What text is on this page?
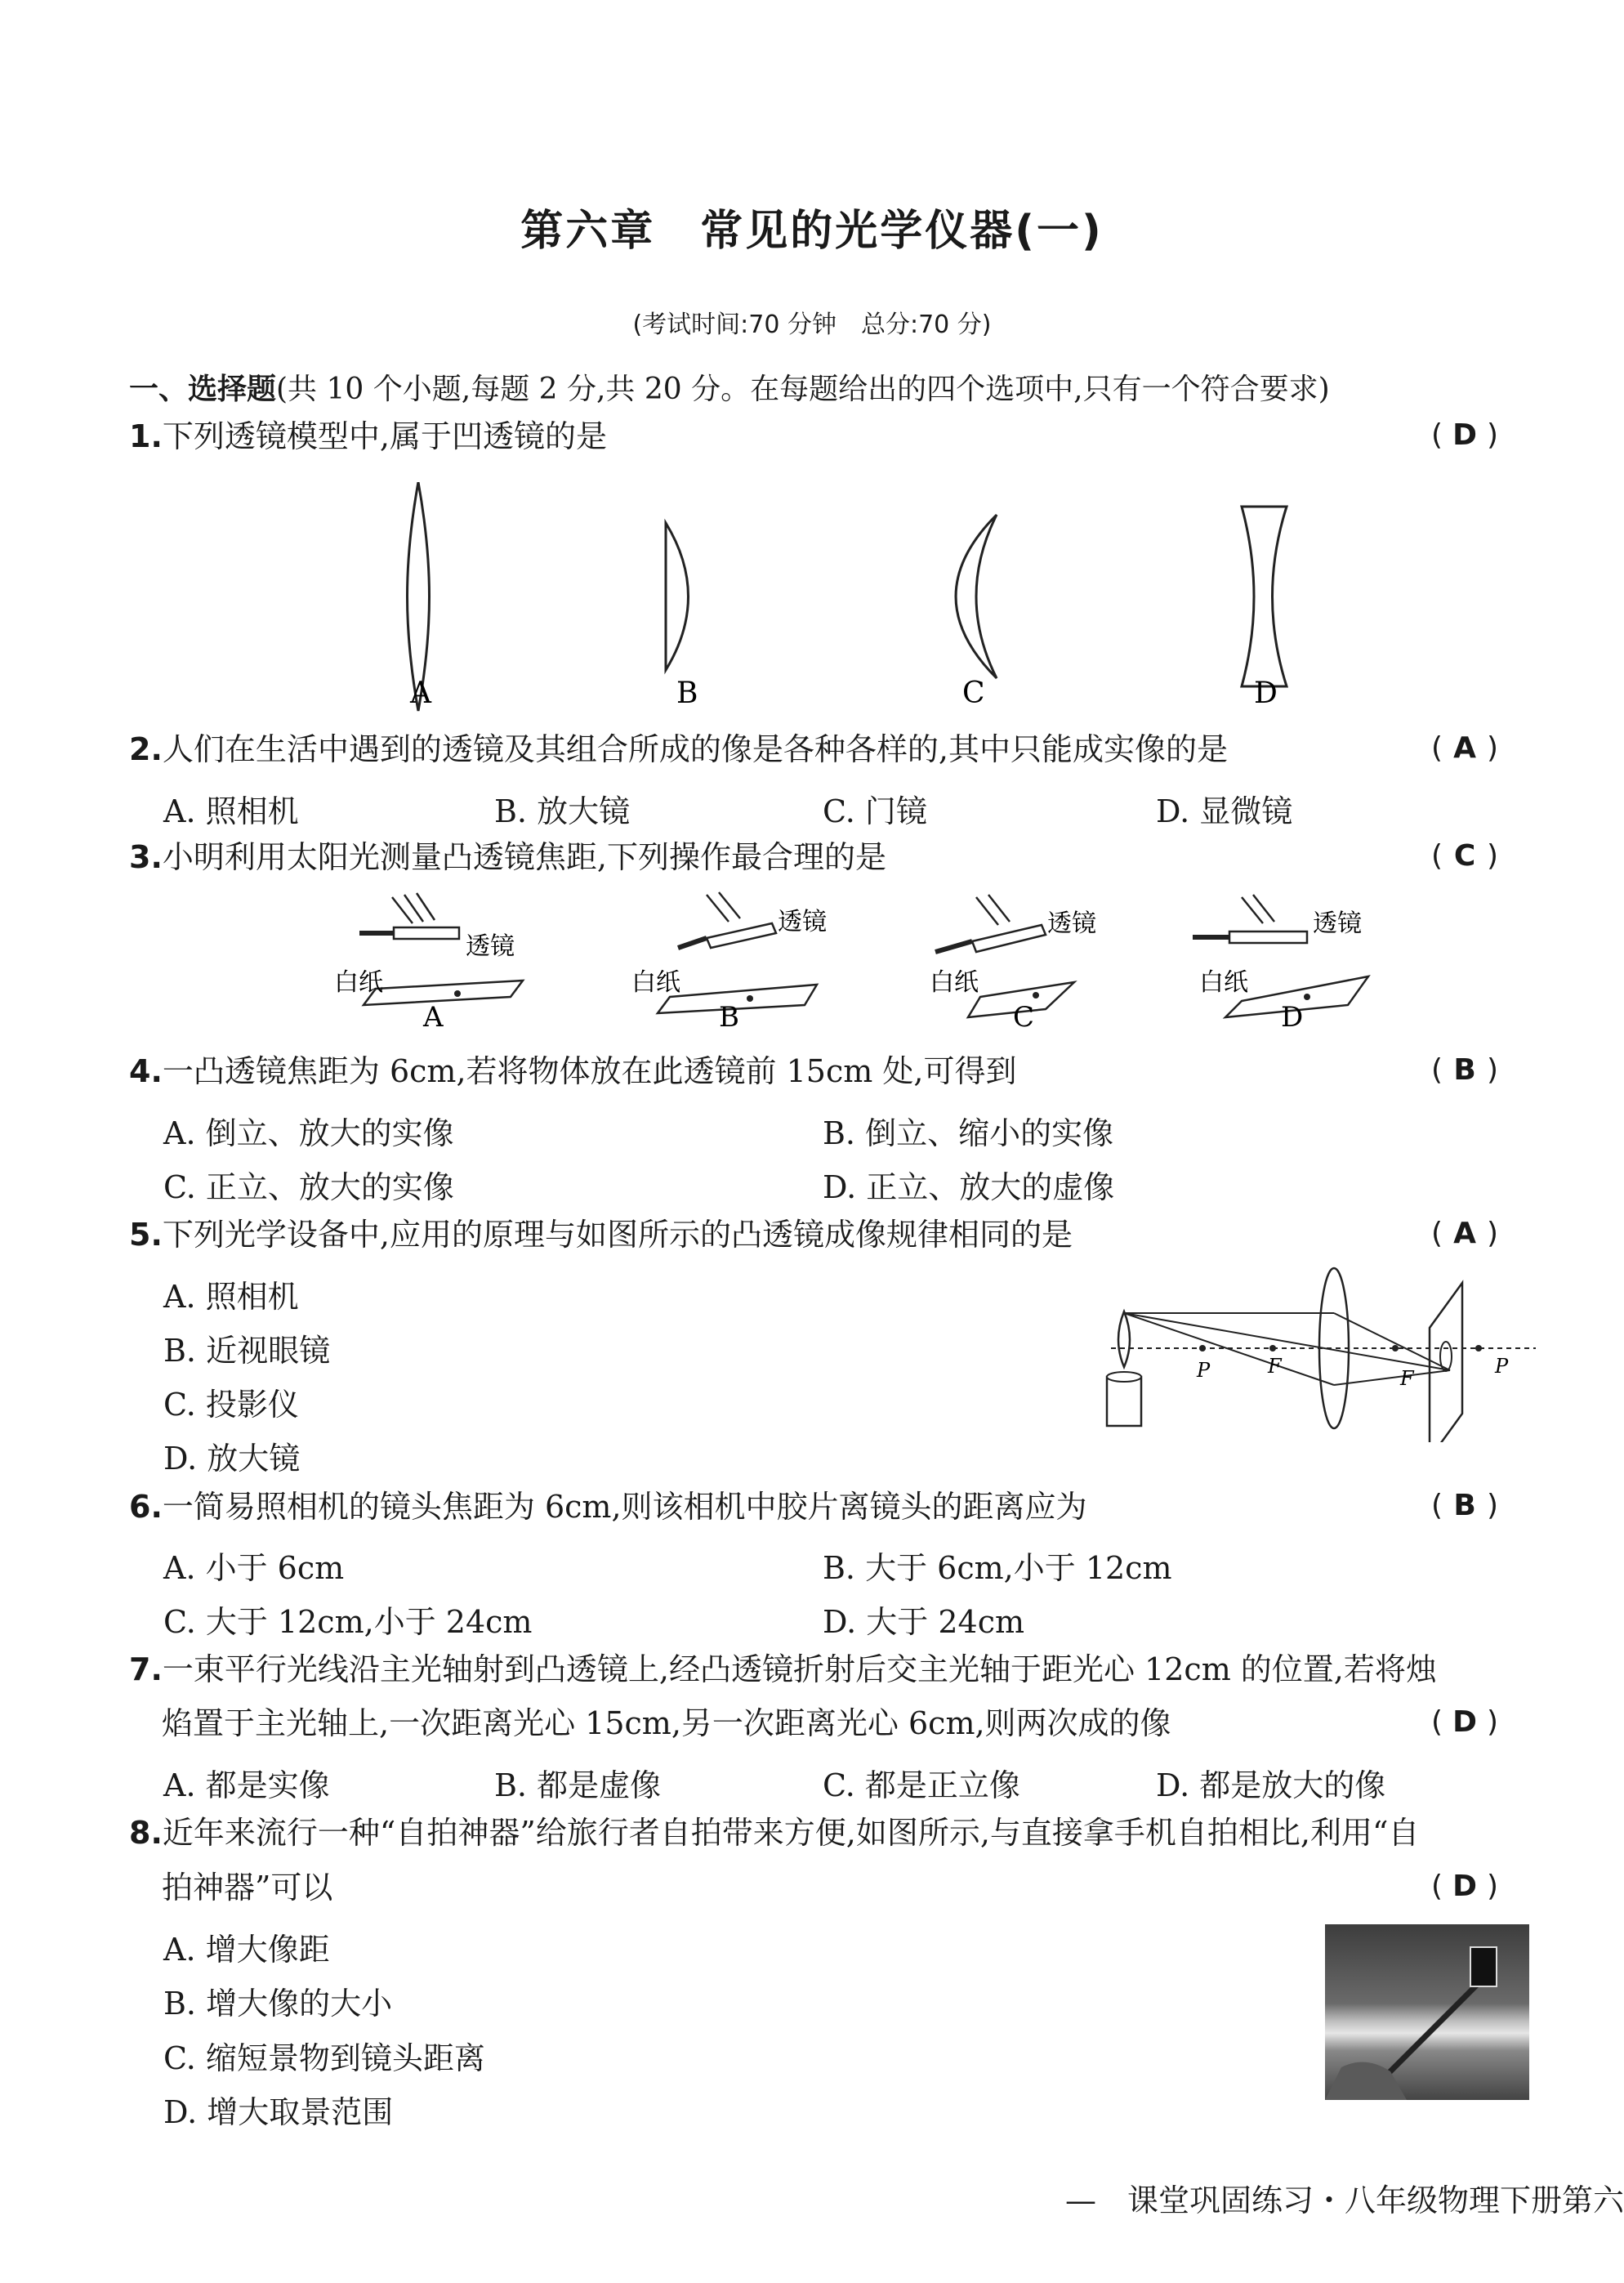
第六章　常见的光学仪器(一)
(考试时间:70 分钟　总分:70 分)
一、选择题(共 10 个小题,每题 2 分,共 20 分。在每题给出的四个选项中,只有一个符合要求)
1.下列透镜模型中,属于凹透镜的是	( D )
A	B	C	D
2.人们在生活中遇到的透镜及其组合所成的像是各种各样的,其中只能成实像的是	( A )
A. 照相机	B. 放大镜	C. 门镜	D. 显微镜
3.小明利用太阳光测量凸透镜焦距,下列操作最合理的是	( C )
透镜
透镜	透镜	透镜
白纸	白纸	白纸	白纸
A	B	C	D
4.一凸透镜焦距为 6cm,若将物体放在此透镜前 15cm 处,可得到	( B )
A. 倒立、放大的实像	B. 倒立、缩小的实像
C. 正立、放大的实像	D. 正立、放大的虚像
5.下列光学设备中,应用的原理与如图所示的凸透镜成像规律相同的是	( A )
A. 照相机
B. 近视眼镜
C. 投影仪
D. 放大镜
P	F
F
P
6.一简易照相机的镜头焦距为 6cm,则该相机中胶片离镜头的距离应为	( B )
A. 小于 6cm	B. 大于 6cm,小于 12cm
C. 大于 12cm,小于 24cm	D. 大于 24cm
7.一束平行光线沿主光轴射到凸透镜上,经凸透镜折射后交主光轴于距光心 12cm 的位置,若将烛
焰置于主光轴上,一次距离光心 15cm,另一次距离光心 6cm,则两次成的像	( D )
A. 都是实像	B. 都是虚像	C. 都是正立像	D. 都是放大的像
8.近年来流行一种“自拍神器”给旅行者自拍带来方便,如图所示,与直接拿手机自拍相比,利用“自
拍神器”可以	( D )
A. 增大像距
B. 增大像的大小
C. 缩短景物到镜头距离
D. 增大取景范围
—　课堂巩固练习・八年级物理下册第六
